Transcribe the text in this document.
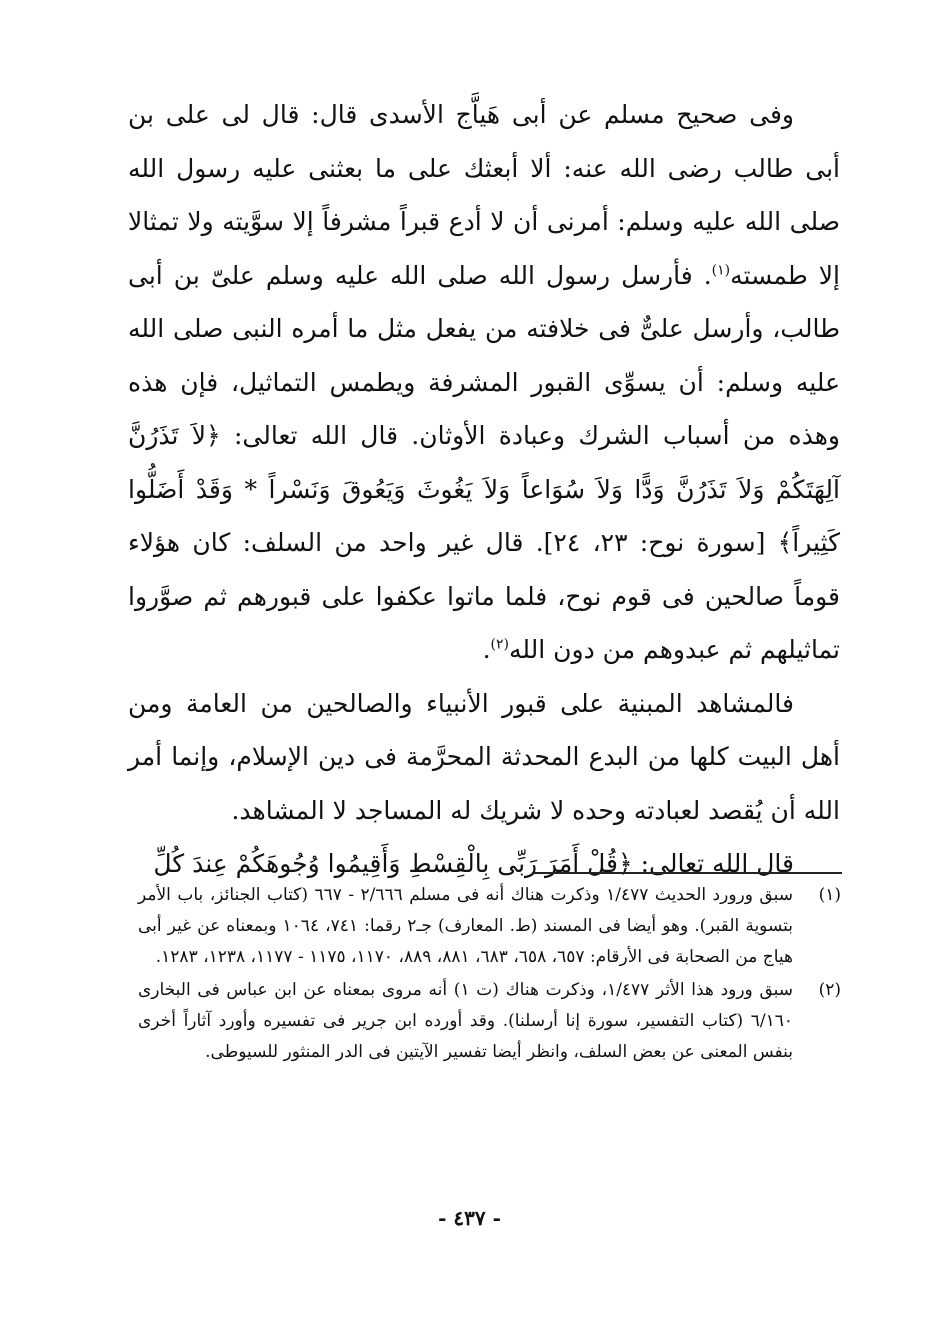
وفى صحيح مسلم عن أبى هَياَّج الأسدى قال: قال لى على بن أبى طالب رضى الله عنه: ألا أبعثك على ما بعثنى عليه رسول الله صلى الله عليه وسلم: أمرنى أن لا أدع قبراً مشرفاً إلا سوَّيته ولا تمثالا إلا طمسته$^{(١)}$. فأرسل رسول الله صلى الله عليه وسلم علىّ بن أبى طالب، وأرسل علىٌّ فى خلافته من يفعل مثل ما أمره النبى صلى الله عليه وسلم: أن يسوِّى القبور المشرفة ويطمس التماثيل، فإن هذه وهذه من أسباب الشرك وعبادة الأوثان. قال الله تعالى: ﴿لاَ تَذَرُنَّ آلِهَتَكُمْ وَلاَ تَذَرُنَّ وَدًّا وَلاَ سُوَاعاً وَلاَ يَغُوثَ وَيَعُوقَ وَنَسْراً * وَقَدْ أَضَلُّوا كَثِيراً﴾ [سورة نوح: ٢٣، ٢٤]. قال غير واحد من السلف: كان هؤلاء قوماً صالحين فى قوم نوح، فلما ماتوا عكفوا على قبورهم ثم صوَّروا تماثيلهم ثم عبدوهم من دون الله$^{(٢)}$.

فالمشاهد المبنية على قبور الأنبياء والصالحين من العامة ومن أهل البيت كلها من البدع المحدثة المحرَّمة فى دين الإسلام، وإنما أمر الله أن يُقصد لعبادته وحده لا شريك له المساجد لا المشاهد.

قال الله تعالى: ﴿قُلْ أَمَرَ رَبِّى بِالْقِسْطِ وَأَقِيمُوا وُجُوهَكُمْ عِندَ كُلِّ

(١)
سبق ورورد الحديث ١/٤٧٧ وذكرت هناك أنه فى مسلم ٢/٦٦٦ - ٦٦٧ (كتاب الجنائز، باب الأمر بتسوية القبر). وهو أيضا فى المسند (ط. المعارف) جـ٢ رقما: ٧٤١، ١٠٦٤ وبمعناه عن غير أبى هياج من الصحابة فى الأرقام: ٦٥٧، ٦٥٨، ٦٨٣، ٨٨١، ٨٨٩، ١١٧٠، ١١٧٥ - ١١٧٧، ١٢٣٨، ١٢٨٣.
(٢)
سبق ورود هذا الأثر ١/٤٧٧، وذكرت هناك (ت ١) أنه مروى بمعناه عن ابن عباس فى البخارى ٦/١٦٠ (كتاب التفسير، سورة إنا أرسلنا). وقد أورده ابن جرير فى تفسيره وأورد آثاراً أخرى بنفس المعنى عن بعض السلف، وانظر أيضا تفسير الآيتين فى الدر المنثور للسيوطى.
- ٤٣٧ -
